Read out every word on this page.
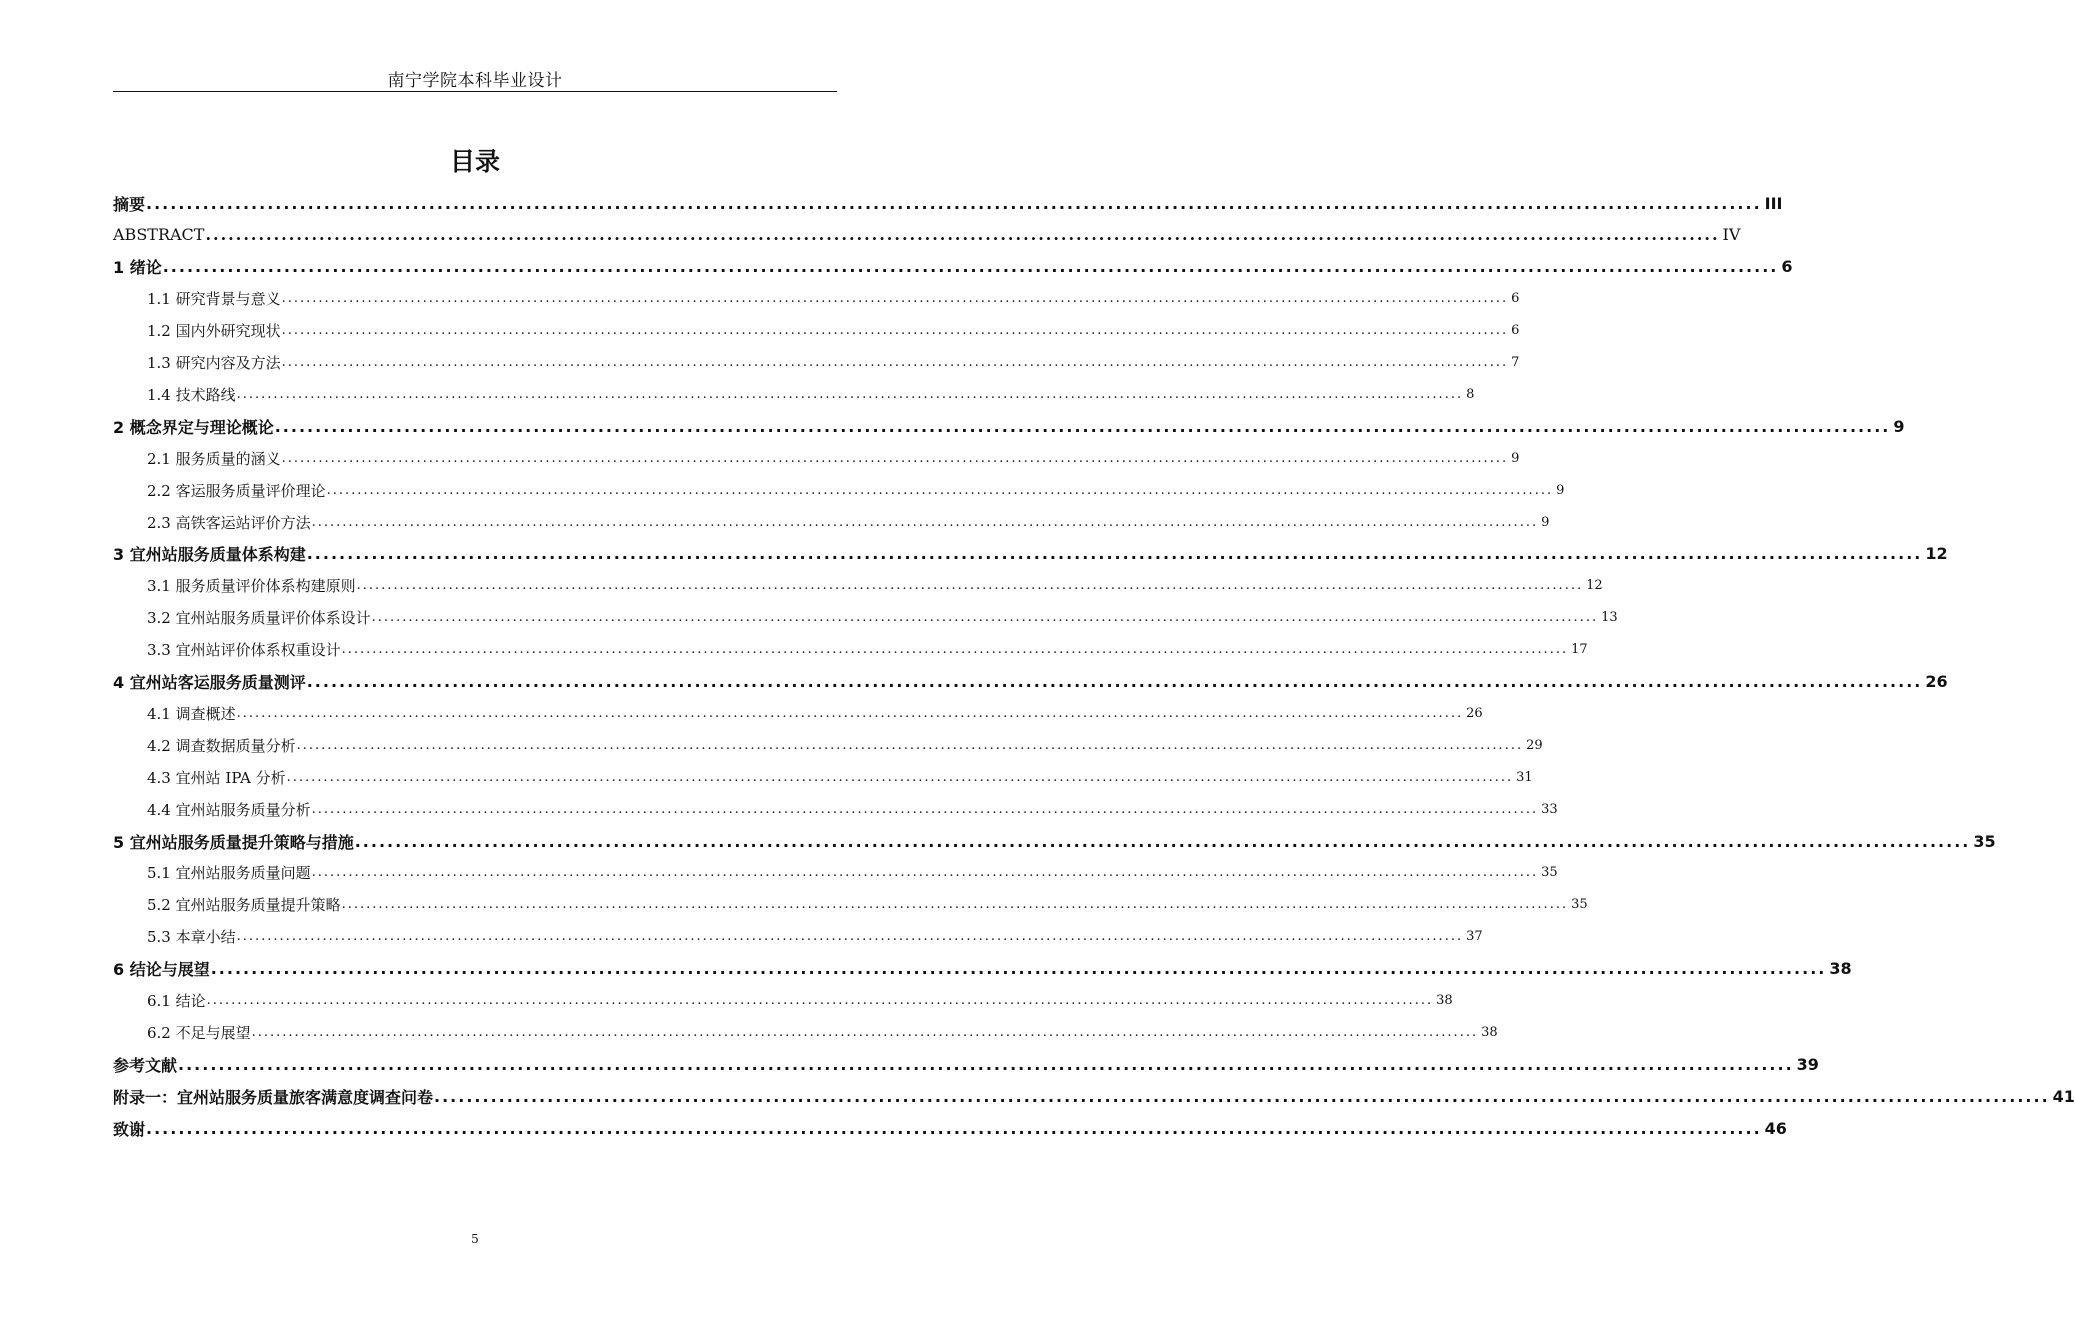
南宁学院本科毕业设计
目录
摘要 ........................................................................................................................................................................................................ III
ABSTRACT ........................................................................................................................................................................................................ IV
1 绪论 ........................................................................................................................................................................................................ 6
1.1 研究背景与意义 ........................................................................................................................................................................................................ 6
1.2 国内外研究现状 ........................................................................................................................................................................................................ 6
1.3 研究内容及方法 ........................................................................................................................................................................................................ 7
1.4 技术路线 ........................................................................................................................................................................................................ 8
2 概念界定与理论概论 ........................................................................................................................................................................................................ 9
2.1 服务质量的涵义 ........................................................................................................................................................................................................ 9
2.2 客运服务质量评价理论 ........................................................................................................................................................................................................ 9
2.3 高铁客运站评价方法 ........................................................................................................................................................................................................ 9
3 宜州站服务质量体系构建 ........................................................................................................................................................................................................ 12
3.1 服务质量评价体系构建原则 ........................................................................................................................................................................................................ 12
3.2 宜州站服务质量评价体系设计 ........................................................................................................................................................................................................ 13
3.3 宜州站评价体系权重设计 ........................................................................................................................................................................................................ 17
4 宜州站客运服务质量测评 ........................................................................................................................................................................................................ 26
4.1 调查概述 ........................................................................................................................................................................................................ 26
4.2 调查数据质量分析 ........................................................................................................................................................................................................ 29
4.3 宜州站 IPA 分析 ........................................................................................................................................................................................................ 31
4.4 宜州站服务质量分析 ........................................................................................................................................................................................................ 33
5 宜州站服务质量提升策略与措施 ........................................................................................................................................................................................................ 35
5.1 宜州站服务质量问题 ........................................................................................................................................................................................................ 35
5.2 宜州站服务质量提升策略 ........................................................................................................................................................................................................ 35
5.3 本章小结 ........................................................................................................................................................................................................ 37
6 结论与展望 ........................................................................................................................................................................................................ 38
6.1 结论 ........................................................................................................................................................................................................ 38
6.2 不足与展望 ........................................................................................................................................................................................................ 38
参考文献 ........................................................................................................................................................................................................ 39
附录一：宜州站服务质量旅客满意度调查问卷 ........................................................................................................................................................................................................ 41
致谢 ........................................................................................................................................................................................................ 46
5
